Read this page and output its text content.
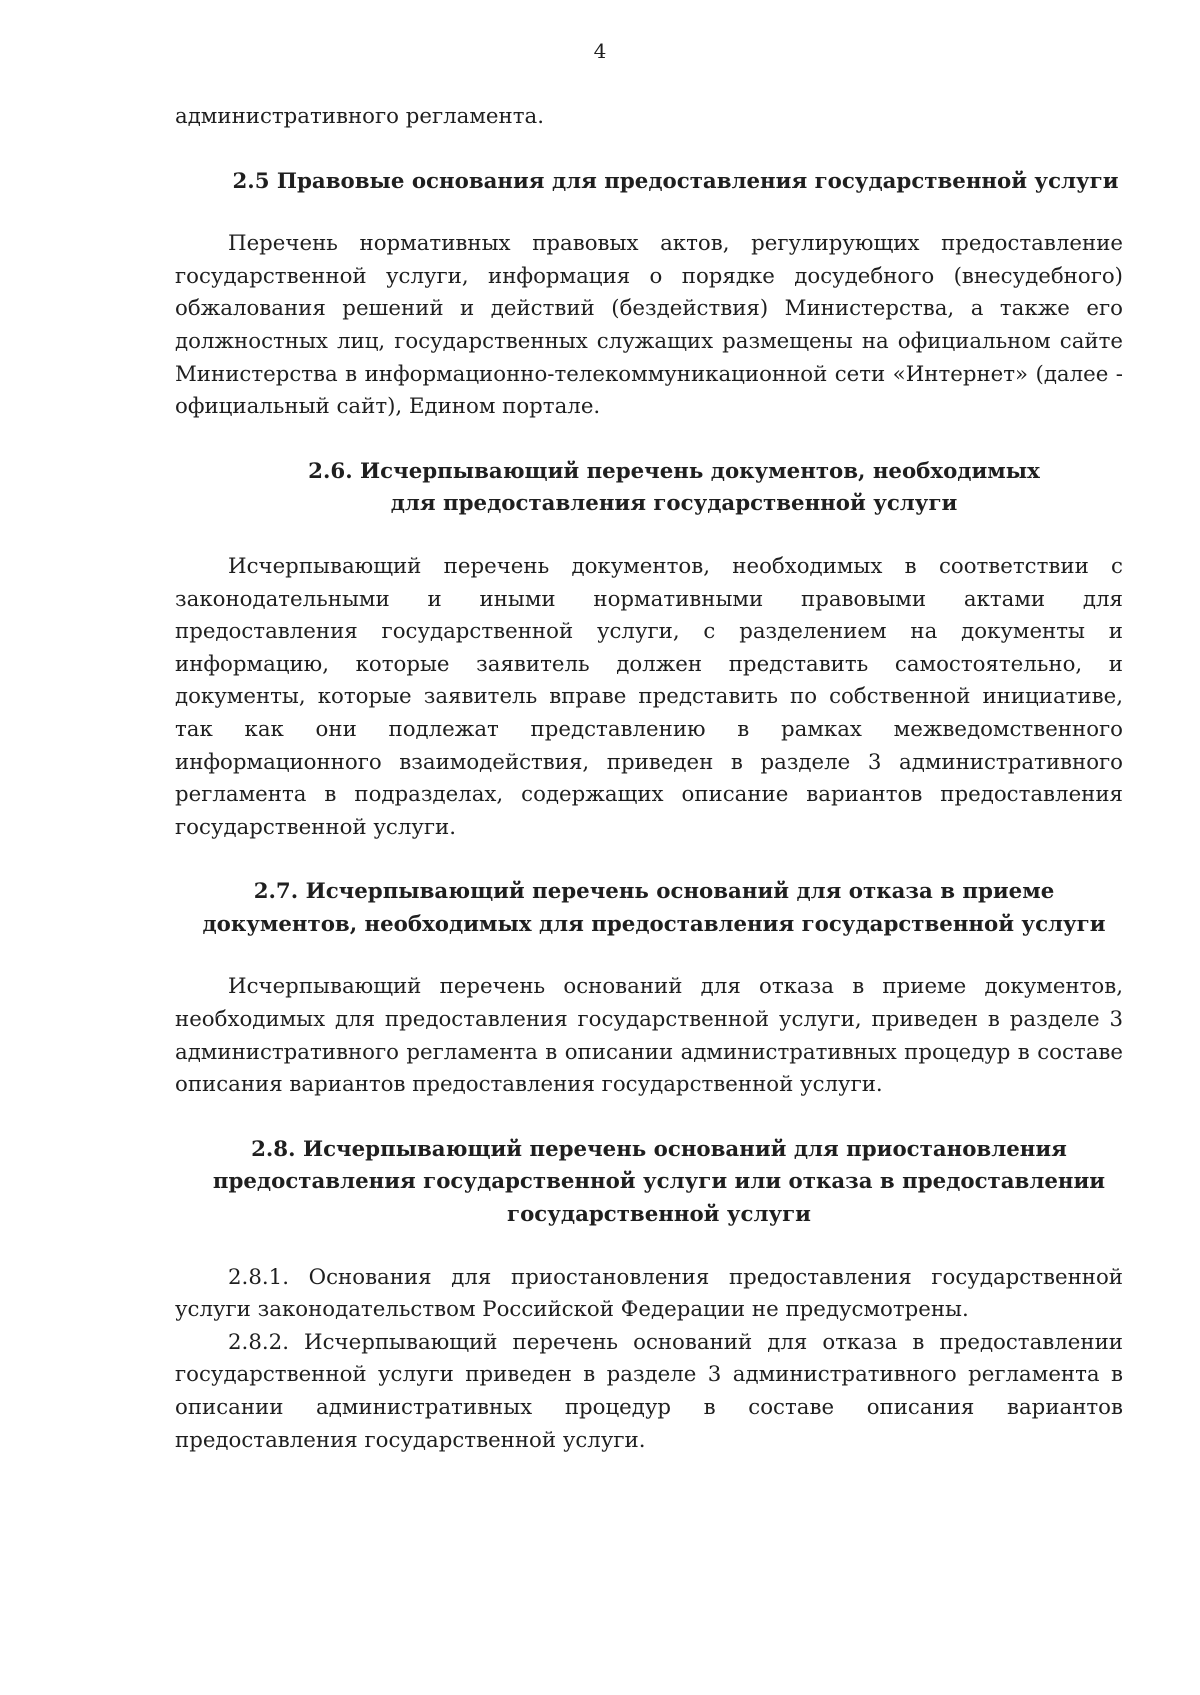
4

административного регламента.

2.5 Правовые основания для предоставления государственной услуги

Перечень нормативных правовых актов, регулирующих предоставление государственной услуги, информация о порядке досудебного (внесудебного) обжалования решений и действий (бездействия) Министерства, а также его должностных лиц, государственных служащих размещены на официальном сайте Министерства в информационно-телекоммуникационной сети «Интернет» (далее - официальный сайт), Едином портале.

2.6. Исчерпывающий перечень документов, необходимых для предоставления государственной услуги

Исчерпывающий перечень документов, необходимых в соответствии с законодательными и иными нормативными правовыми актами для предоставления государственной услуги, с разделением на документы и информацию, которые заявитель должен представить самостоятельно, и документы, которые заявитель вправе представить по собственной инициативе, так как они подлежат представлению в рамках межведомственного информационного взаимодействия, приведен в разделе 3 административного регламента в подразделах, содержащих описание вариантов предоставления государственной услуги.

2.7. Исчерпывающий перечень оснований для отказа в приеме документов, необходимых для предоставления государственной услуги

Исчерпывающий перечень оснований для отказа в приеме документов, необходимых для предоставления государственной услуги, приведен в разделе 3 административного регламента в описании административных процедур в составе описания вариантов предоставления государственной услуги.

2.8. Исчерпывающий перечень оснований для приостановления предоставления государственной услуги или отказа в предоставлении государственной услуги

2.8.1. Основания для приостановления предоставления государственной услуги законодательством Российской Федерации не предусмотрены.

2.8.2. Исчерпывающий перечень оснований для отказа в предоставлении государственной услуги приведен в разделе 3 административного регламента в описании административных процедур в составе описания вариантов предоставления государственной услуги.
